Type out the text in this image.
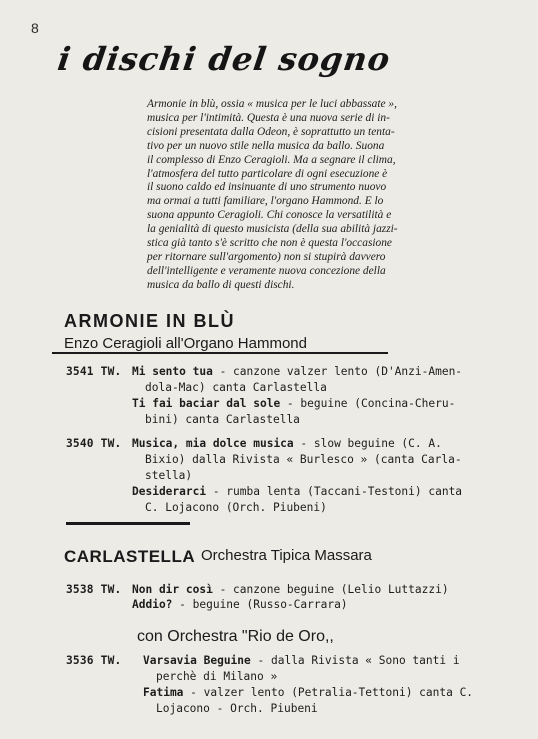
8
i dischi del sogno
Armonie in blù, ossia « musica per le luci abbassate »,
musica per l'intimità. Questa è una nuova serie di in-
cisioni presentata dalla Odeon, è soprattutto un tenta-
tivo per un nuovo stile nella musica da ballo. Suona
il complesso di Enzo Ceragioli. Ma a segnare il clima,
l'atmosfera del tutto particolare di ogni esecuzione è
il suono caldo ed insinuante di uno strumento nuovo
ma ormai a tutti familiare, l'organo Hammond. E lo
suona appunto Ceragioli. Chi conosce la versatilità e
la genialità di questo musicista (della sua abilità jazzi-
stica già tanto s'è scritto che non è questa l'occasione
per ritornare sull'argomento) non si stupirà davvero
dell'intelligente e veramente nuova concezione della
musica da ballo di questi dischi.
ARMONIE IN BLÙ
Enzo Ceragioli all'Organo Hammond
3541 TW. Mi sento tua - canzone valzer lento (D'Anzi-Amen-
dola-Mac) canta Carlastella
Ti fai baciar dal sole - beguine (Concina-Cheru-
bini) canta Carlastella
3540 TW. Musica, mia dolce musica - slow beguine (C. A.
Bixio) dalla Rivista « Burlesco » (canta Carla-
stella)
Desiderarci - rumba lenta (Taccani-Testoni) canta
C. Lojacono (Orch. Piubeni)
CARLASTELLA Orchestra Tipica Massara
3538 TW. Non dir così - canzone beguine (Lelio Luttazzi)
Addio? - beguine (Russo-Carrara)
con Orchestra "Rio de Oro,,
3536 TW. Varsavia Beguine - dalla Rivista « Sono tanti i
perchè di Milano »
Fatima - valzer lento (Petralia-Tettoni) canta C.
Lojacono - Orch. Piubeni
